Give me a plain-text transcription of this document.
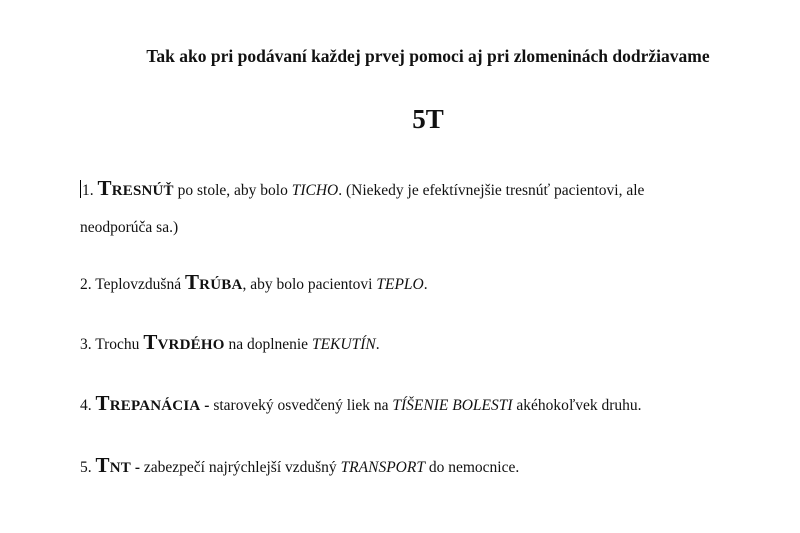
Tak ako pri podávaní každej prvej pomoci aj pri zlomeninách dodržiavame
5T
1. Tresnúť po stole, aby bolo TICHO. (Niekedy je efektívnejšie tresnúť pacientovi, ale
neodporúča sa.)
2. Teplovzdušná Trúba, aby bolo pacientovi TEPLO.
3. Trochu Tvrdého na doplnenie TEKUTÍN.
4. Trepanácia - staroveký osvedčený liek na TÍŠENIE BOLESTI akéhokoľvek druhu.
5. Tnt - zabezpečí najrýchlejší vzdušný TRANSPORT do nemocnice.
